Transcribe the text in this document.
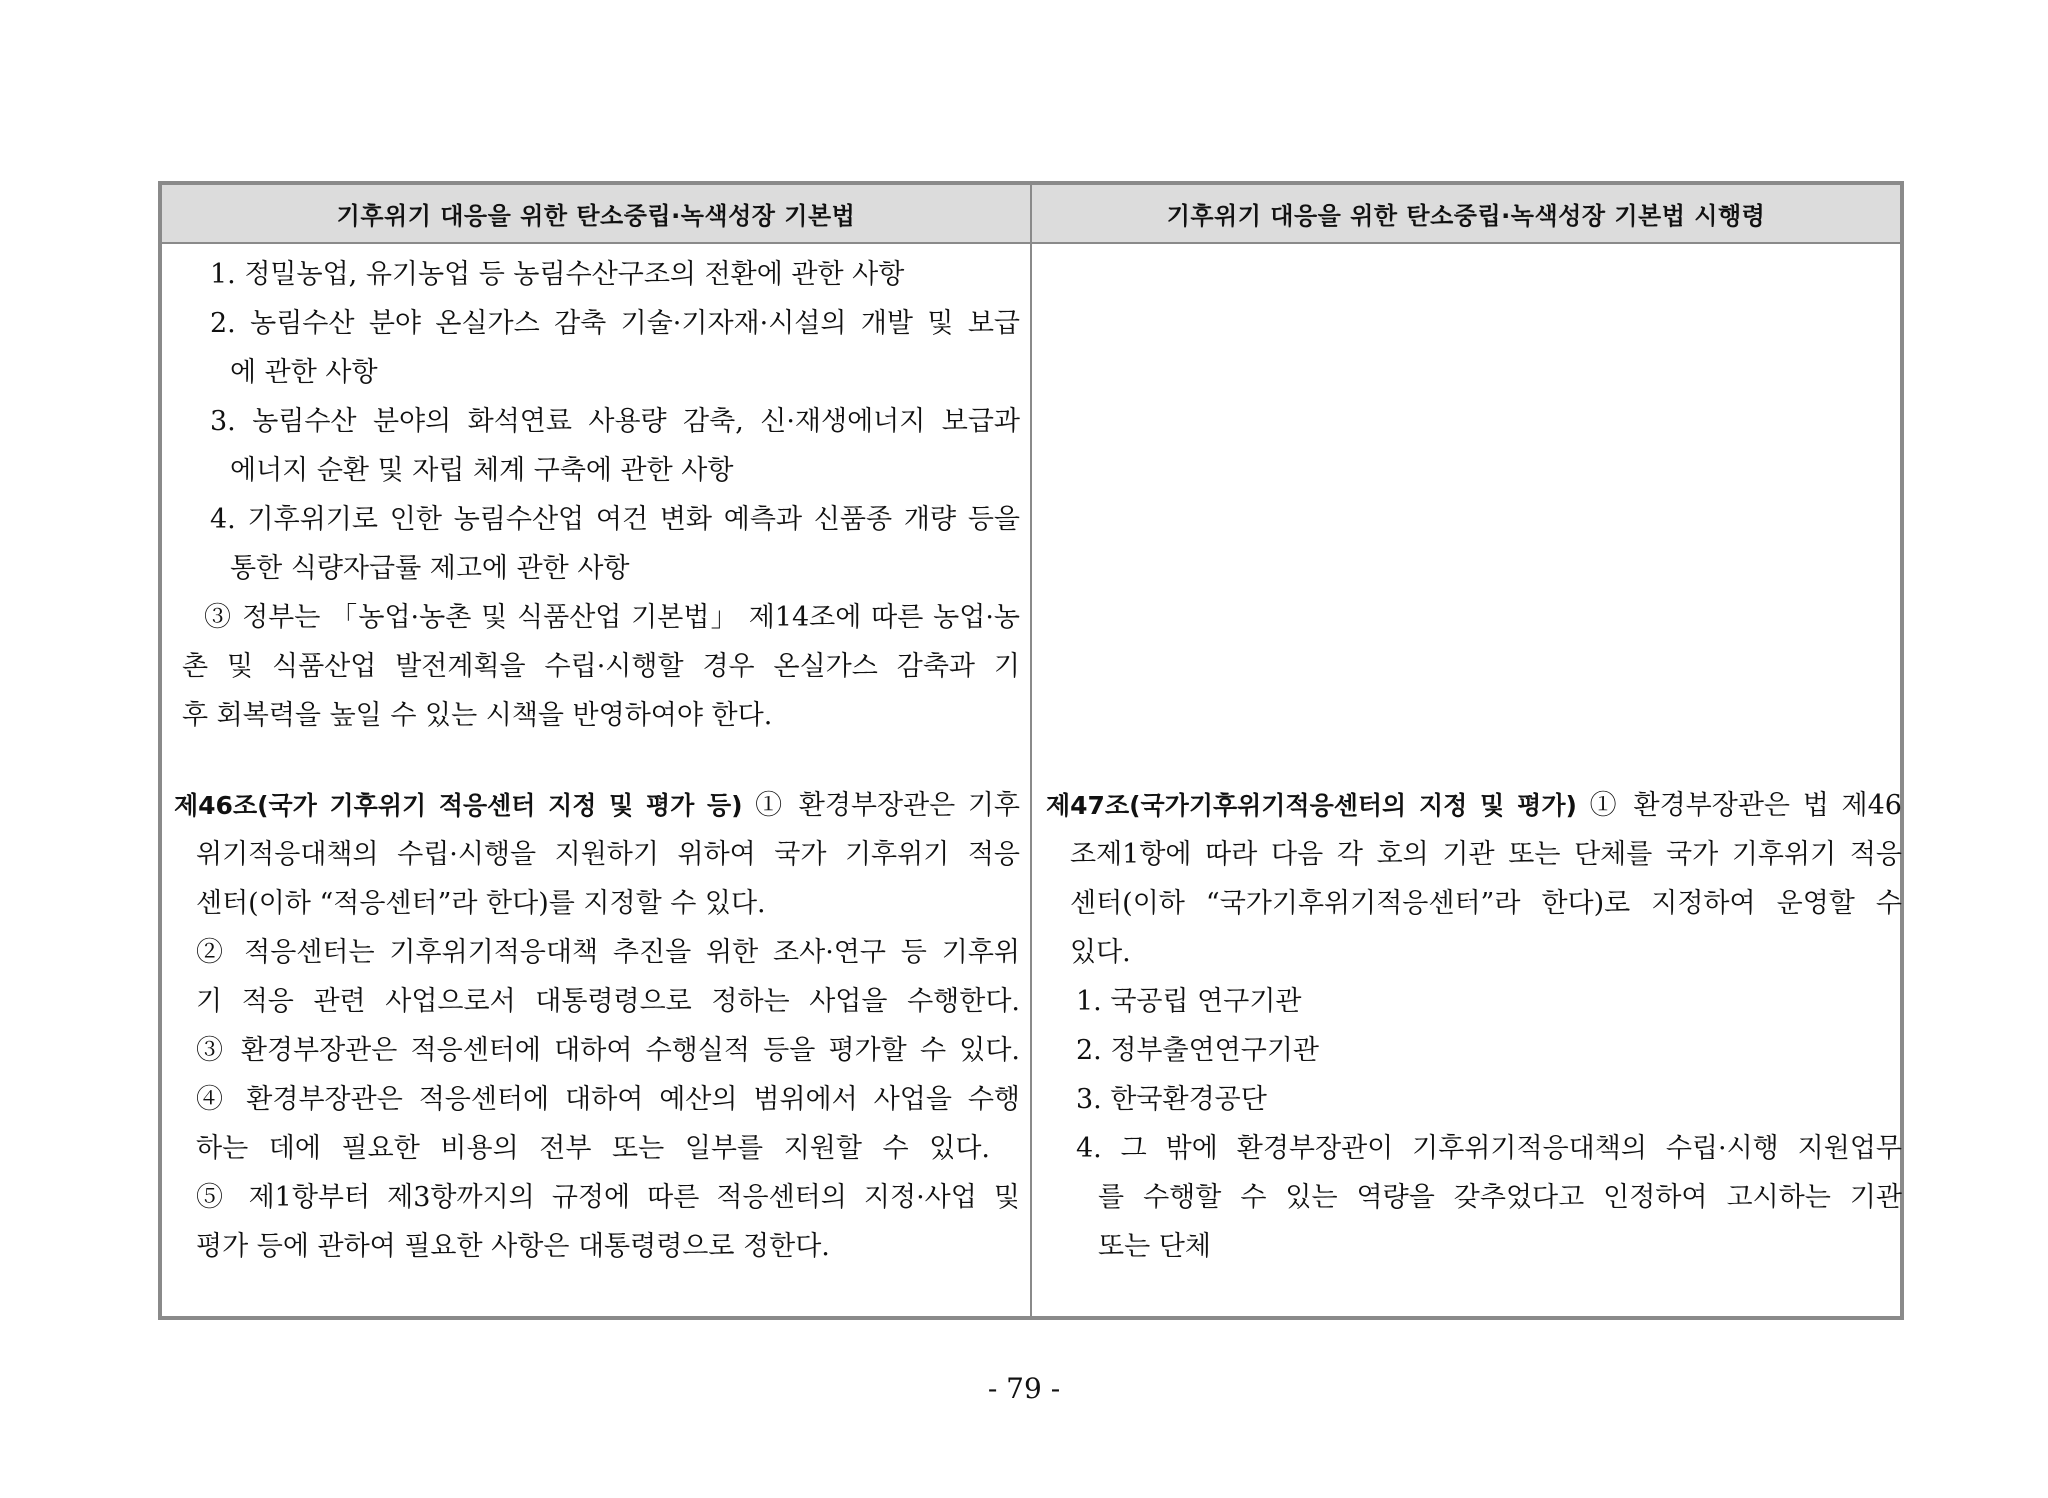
기후위기 대응을 위한 탄소중립·녹색성장 기본법	기후위기 대응을 위한 탄소중립·녹색성장 기본법 시행령
1. 정밀농업, 유기농업 등 농림수산구조의 전환에 관한 사항
2. 농림수산 분야 온실가스 감축 기술·기자재·시설의 개발 및 보급
에 관한 사항
3. 농림수산 분야의 화석연료 사용량 감축, 신·재생에너지 보급과
에너지 순환 및 자립 체계 구축에 관한 사항
4. 기후위기로 인한 농림수산업 여건 변화 예측과 신품종 개량 등을
통한 식량자급률 제고에 관한 사항
③ 정부는 「농업·농촌 및 식품산업 기본법」 제14조에 따른 농업·농
촌 및 식품산업 발전계획을 수립·시행할 경우 온실가스 감축과 기
후 회복력을 높일 수 있는 시책을 반영하여야 한다.
제46조(국가 기후위기 적응센터 지정 및 평가 등) ① 환경부장관은 기후
위기적응대책의 수립·시행을 지원하기 위하여 국가 기후위기 적응
센터(이하 “적응센터”라 한다)를 지정할 수 있다.
② 적응센터는 기후위기적응대책 추진을 위한 조사·연구 등 기후위
기 적응 관련 사업으로서 대통령령으로 정하는 사업을 수행한다.
③ 환경부장관은 적응센터에 대하여 수행실적 등을 평가할 수 있다.
④ 환경부장관은 적응센터에 대하여 예산의 범위에서 사업을 수행
하는 데에 필요한 비용의 전부 또는 일부를 지원할 수 있다.
⑤ 제1항부터 제3항까지의 규정에 따른 적응센터의 지정·사업 및
평가 등에 관하여 필요한 사항은 대통령령으로 정한다.
제47조(국가기후위기적응센터의 지정 및 평가) ① 환경부장관은 법 제46
조제1항에 따라 다음 각 호의 기관 또는 단체를 국가 기후위기 적응
센터(이하 “국가기후위기적응센터”라 한다)로 지정하여 운영할 수
있다.
1. 국공립 연구기관
2. 정부출연연구기관
3. 한국환경공단
4. 그 밖에 환경부장관이 기후위기적응대책의 수립·시행 지원업무
를 수행할 수 있는 역량을 갖추었다고 인정하여 고시하는 기관
또는 단체
- 79 -
